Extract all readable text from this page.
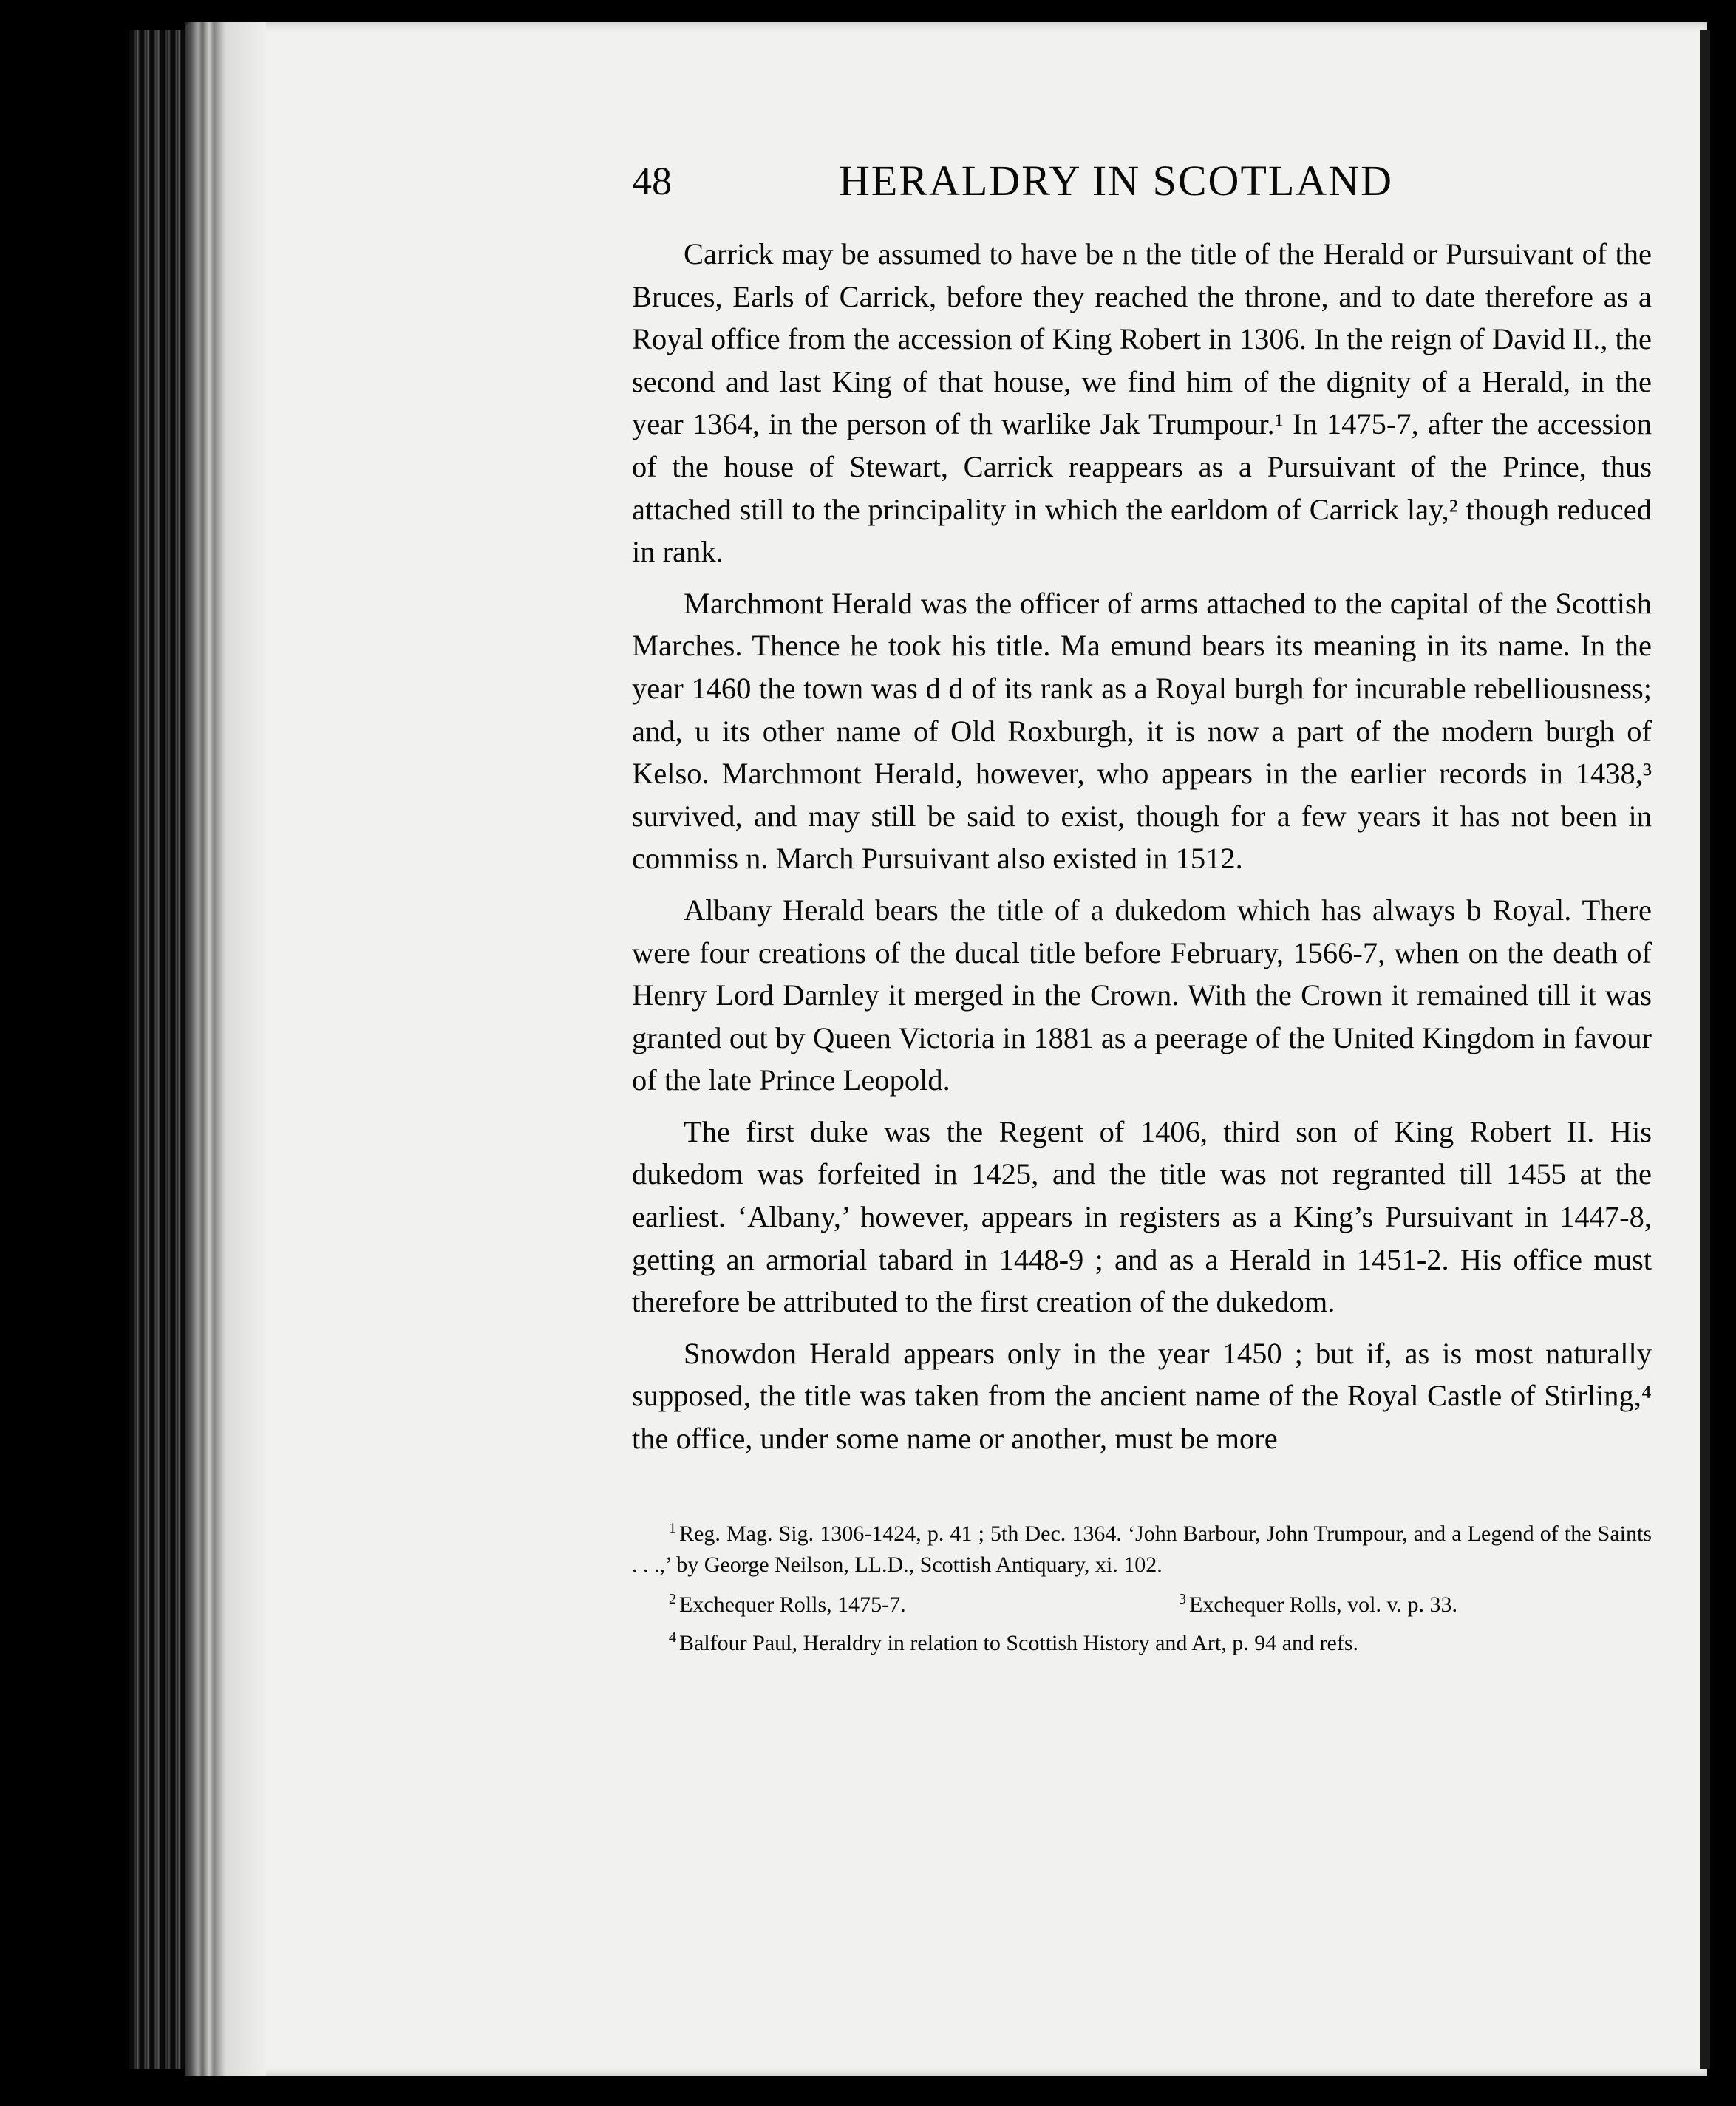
48	HERALDRY IN SCOTLAND

Carrick may be assumed to have be n the title of the Herald or Pursuivant of the Bruces, Earls of Carrick, before they reached the throne, and to date therefore as a Royal office from the accession of King Robert in 1306. In the reign of David II., the second and last King of that house, we find him of the dignity of a Herald, in the year 1364, in the person of th warlike Jak Trumpour.¹ In 1475-7, after the accession of the house of Stewart, Carrick reappears as a Pursuivant of the Prince, thus attached still to the principality in which the earldom of Carrick lay,² though reduced in rank.

Marchmont Herald was the officer of arms attached to the capital of the Scottish Marches. Thence he took his title. Ma emund bears its meaning in its name. In the year 1460 the town was d d of its rank as a Royal burgh for incurable rebelliousness; and, u its other name of Old Roxburgh, it is now a part of the modern burgh of Kelso. Marchmont Herald, however, who appears in the earlier records in 1438,³ survived, and may still be said to exist, though for a few years it has not been in commiss n. March Pursuivant also existed in 1512.

Albany Herald bears the title of a dukedom which has always b Royal. There were four creations of the ducal title before February, 1566-7, when on the death of Henry Lord Darnley it merged in the Crown. With the Crown it remained till it was granted out by Queen Victoria in 1881 as a peerage of the United Kingdom in favour of the late Prince Leopold.

The first duke was the Regent of 1406, third son of King Robert II. His dukedom was forfeited in 1425, and the title was not regranted till 1455 at the earliest. ‘Albany,’ however, appears in registers as a King’s Pursuivant in 1447-8, getting an armorial tabard in 1448-9 ; and as a Herald in 1451-2. His office must therefore be attributed to the first creation of the dukedom.

Snowdon Herald appears only in the year 1450 ; but if, as is most naturally supposed, the title was taken from the ancient name of the Royal Castle of Stirling,⁴ the office, under some name or another, must be more

$^1$ Reg. Mag. Sig. 1306-1424, p. 41 ; 5th Dec. 1364. ‘John Barbour, John Trumpour, and a Legend of the Saints . . .,’ by George Neilson, LL.D., Scottish Antiquary, xi. 102.

$^2$ Exchequer Rolls, 1475-7.	$^3$ Exchequer Rolls, vol. v. p. 33.

$^4$ Balfour Paul, Heraldry in relation to Scottish History and Art, p. 94 and refs.
